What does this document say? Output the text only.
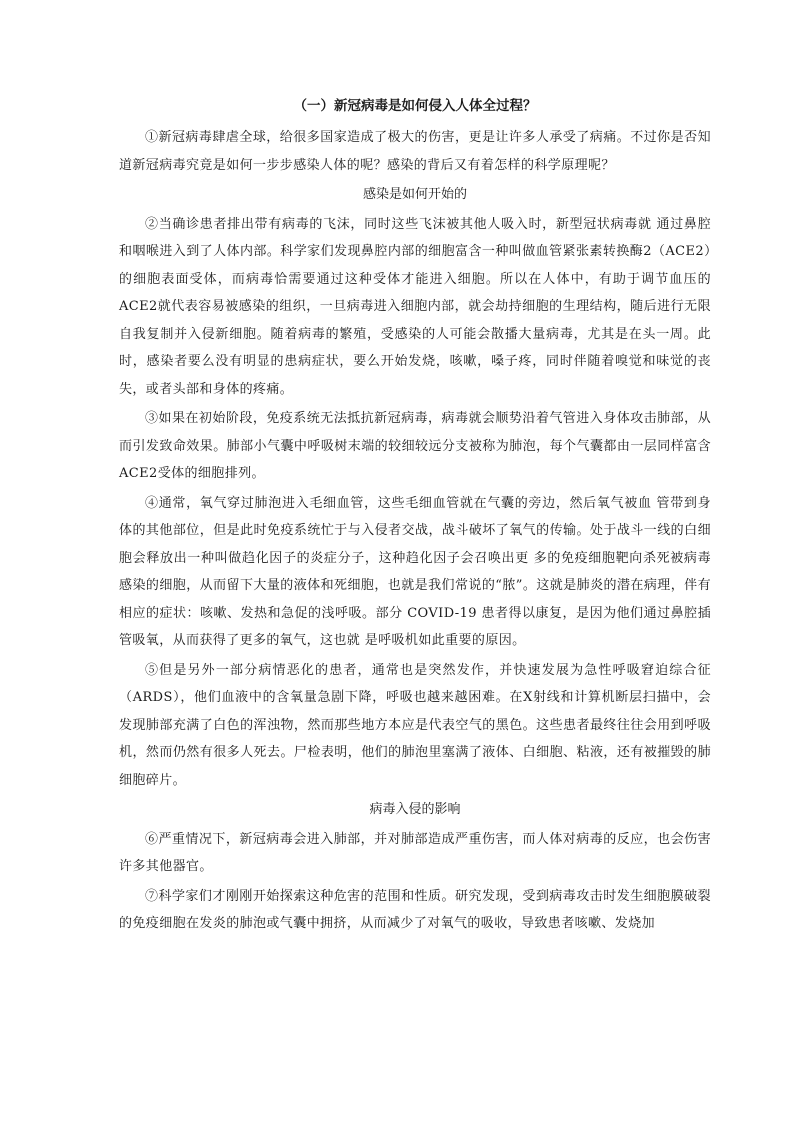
（一）新冠病毒是如何侵入人体全过程？
①新冠病毒肆虐全球，给很多国家造成了极大的伤害，更是让许多人承受了病痛。不过你是否知道新冠病毒究竟是如何一步步感染人体的呢？感染的背后又有着怎样的科学原理呢？
感染是如何开始的
②当确诊患者排出带有病毒的飞沫，同时这些飞沫被其他人吸入时，新型冠状病毒就 通过鼻腔和咽喉进入到了人体内部。科学家们发现鼻腔内部的细胞富含一种叫做血管紧张素转换酶2（ACE2）的细胞表面受体，而病毒恰需要通过这种受体才能进入细胞。所以在人体中，有助于调节血压的ACE2就代表容易被感染的组织，一旦病毒进入细胞内部，就会劫持细胞的生理结构，随后进行无限自我复制并入侵新细胞。随着病毒的繁殖，受感染的人可能会散播大量病毒，尤其是在头一周。此时，感染者要么没有明显的患病症状，要么开始发烧，咳嗽，嗓子疼，同时伴随着嗅觉和味觉的丧失，或者头部和身体的疼痛。
③如果在初始阶段，免疫系统无法抵抗新冠病毒，病毒就会顺势沿着气管进入身体攻击肺部，从而引发致命效果。肺部小气囊中呼吸树末端的较细较远分支被称为肺泡，每个气囊都由一层同样富含ACE2受体的细胞排列。
④通常，氧气穿过肺泡进入毛细血管，这些毛细血管就在气囊的旁边，然后氧气被血 管带到身体的其他部位，但是此时免疫系统忙于与入侵者交战，战斗破坏了氧气的传输。处于战斗一线的白细胞会释放出一种叫做趋化因子的炎症分子，这种趋化因子会召唤出更 多的免疫细胞靶向杀死被病毒感染的细胞，从而留下大量的液体和死细胞，也就是我们常说的“脓”。这就是肺炎的潜在病理，伴有相应的症状：咳嗽、发热和急促的浅呼吸。部分 COVID-19 患者得以康复，是因为他们通过鼻腔插管吸氧，从而获得了更多的氧气，这也就 是呼吸机如此重要的原因。
⑤但是另外一部分病情恶化的患者，通常也是突然发作，并快速发展为急性呼吸窘迫综合征（ARDS），他们血液中的含氧量急剧下降，呼吸也越来越困难。在X射线和计算机断层扫描中，会发现肺部充满了白色的浑浊物，然而那些地方本应是代表空气的黑色。这些患者最终往往会用到呼吸机，然而仍然有很多人死去。尸检表明，他们的肺泡里塞满了液体、白细胞、粘液，还有被摧毁的肺细胞碎片。
病毒入侵的影响
⑥严重情况下，新冠病毒会进入肺部，并对肺部造成严重伤害，而人体对病毒的反应，也会伤害许多其他器官。
⑦科学家们才刚刚开始探索这种危害的范围和性质。研究发现，受到病毒攻击时发生细胞膜破裂的免疫细胞在发炎的肺泡或气囊中拥挤，从而减少了对氧气的吸收，导致患者咳嗽、发烧加
